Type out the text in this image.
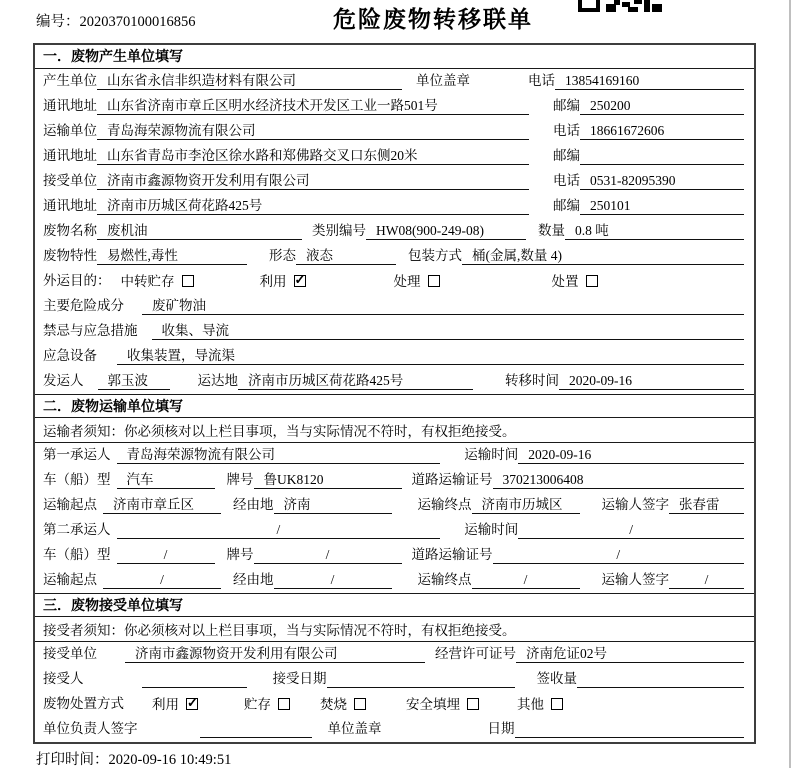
编号：2020370100016856	危险废物转移联单
一．废物产生单位填写
产生单位 山东省永信非织造材料有限公司	单位盖章	电话 13854169160
通讯地址 山东省济南市章丘区明水经济技术开发区工业一路501号	邮编 250200
运输单位 青岛海荣源物流有限公司	电话 18661672606
通讯地址 山东省青岛市李沧区徐水路和郑佛路交叉口东侧20米	邮编
接受单位 济南市鑫源物资开发利用有限公司	电话 0531-82095390
通讯地址 济南市历城区荷花路425号	邮编 250101
废物名称 废机油	类别编号 HW08(900-249-08)	数量 0.8 吨
废物特性 易燃性,毒性	形态 液态	包装方式 桶(金属,数量 4)
外运目的： 中转贮存	利用 ✓	处理	处置
主要危险成分	废矿物油
禁忌与应急措施	收集、导流
应急设备	收集装置，导流渠
发运人	郭玉波	运达地 济南市历城区荷花路425号	转移时间 2020-09-16
二．废物运输单位填写
运输者须知：你必须核对以上栏目事项，当与实际情况不符时，有权拒绝接受。
第一承运人	青岛海荣源物流有限公司	运输时间 2020-09-16
车（船）型	汽车	牌号 鲁UK8120	道路运输证号 370213006408
运输起点	济南市章丘区	经由地 济南	运输终点 济南市历城区	运输人签字 张春雷
第二承运人	/	运输时间	/
车（船）型	/	牌号	/	道路运输证号	/
运输起点	/	经由地	/	运输终点	/	运输人签字	/
三．废物接受单位填写
接受者须知：你必须核对以上栏目事项，当与实际情况不符时，有权拒绝接受。
接受单位	济南市鑫源物资开发利用有限公司	经营许可证号 济南危证02号
接受人	接受日期	签收量
废物处置方式 利用 ✓	贮存	焚烧	安全填埋	其他
单位负责人签字	单位盖章	日期
打印时间：2020-09-16 10:49:51
